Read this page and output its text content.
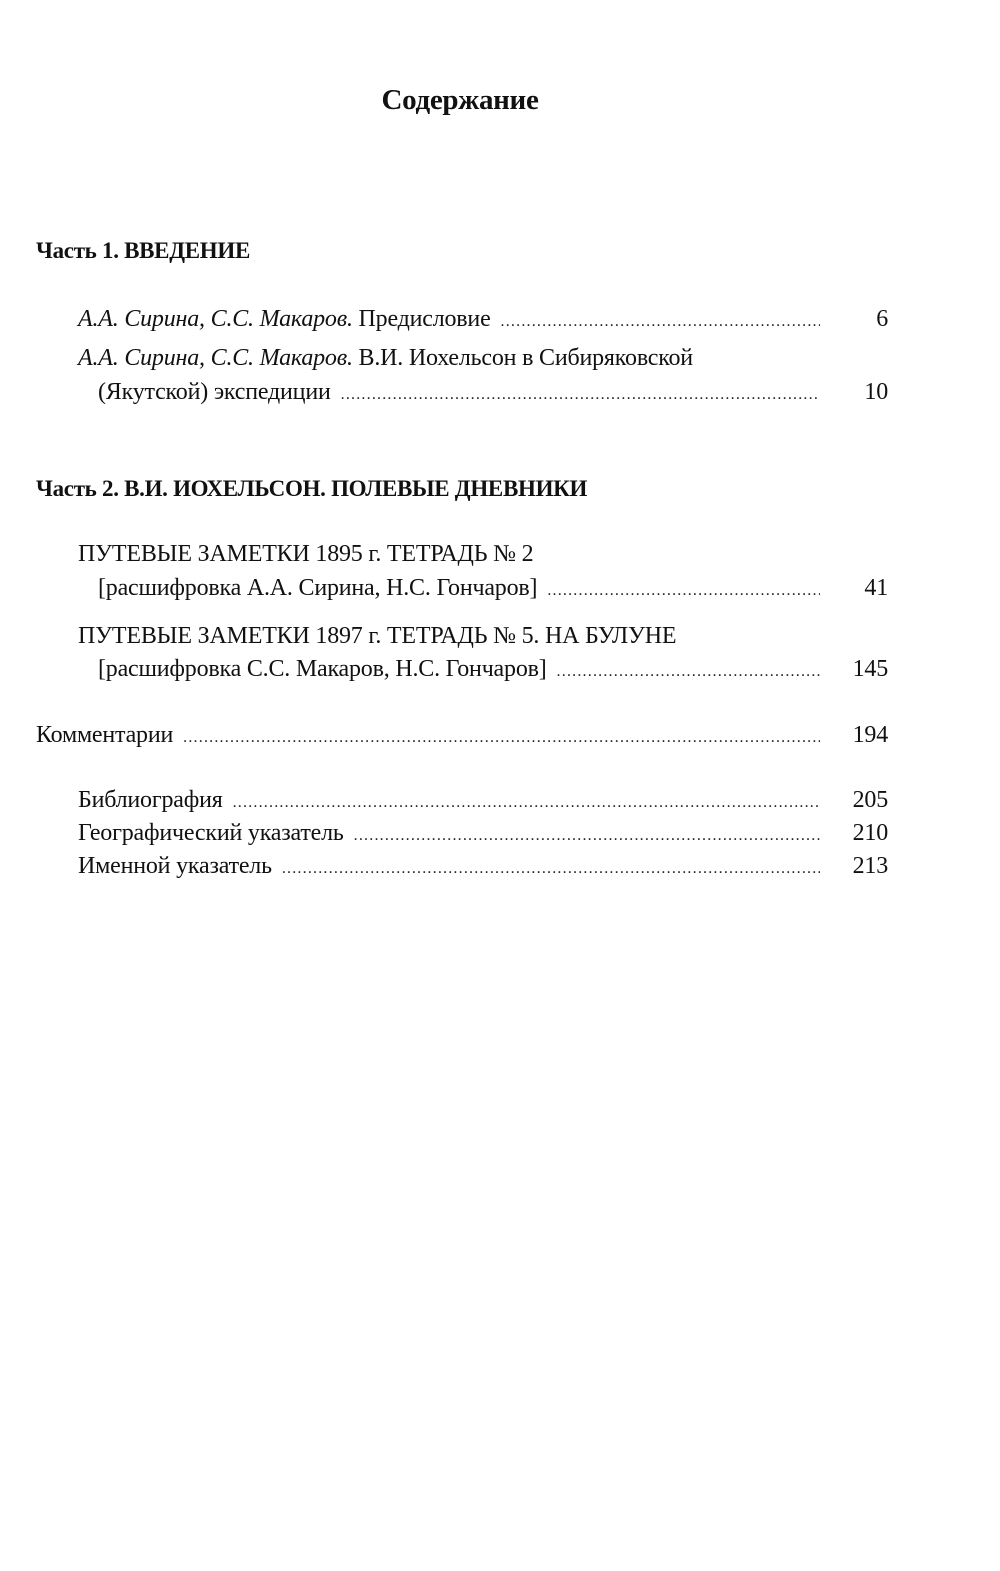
Содержание
Часть 1. ВВЕДЕНИЕ
А.А. Сирина, С.С. Макаров. Предисловие .....	6
А.А. Сирина, С.С. Макаров. В.И. Иохельсон в Сибиряковской
(Якутской) экспедиции .....	10
Часть 2. В.И. ИОХЕЛЬСОН. ПОЛЕВЫЕ ДНЕВНИКИ
ПУТЕВЫЕ ЗАМЕТКИ 1895 г. ТЕТРАДЬ № 2
[расшифровка А.А. Сирина, Н.С. Гончаров] .....	41
ПУТЕВЫЕ ЗАМЕТКИ 1897 г. ТЕТРАДЬ № 5. НА БУЛУНЕ
[расшифровка С.С. Макаров, Н.С. Гончаров] .....	145
Комментарии .....	194
Библиография .....	205
Географический указатель .....	210
Именной указатель .....	213
